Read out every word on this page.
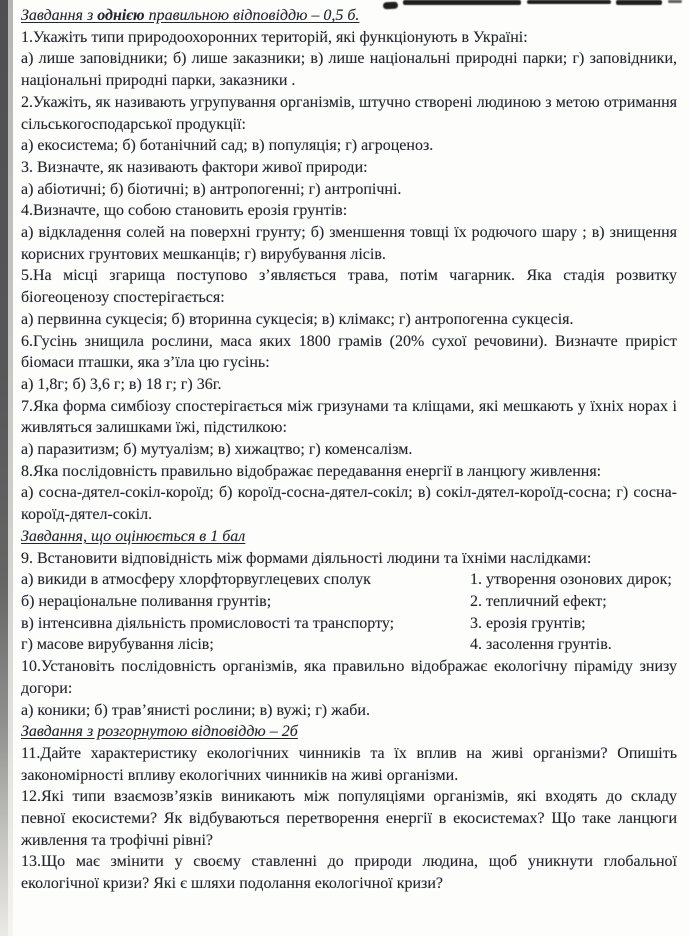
Завдання з однією правильною відповіддю – 0,5 б.

1.Укажіть типи природоохоронних територій, які функціонують в Україні:

а) лише заповідники; б) лише заказники; в) лише національні природні парки; г) заповідники, національні природні парки, заказники .

2.Укажіть, як називають угрупування організмів, штучно створені людиною з метою отримання сільськогосподарської продукції:

а) екосистема; б) ботанічний сад; в) популяція; г) агроценоз.

3. Визначте, як називають фактори живої природи:

а) абіотичні; б) біотичні; в) антропогенні; г) антропічні.

4.Визначте, що собою становить ерозія грунтів:

а) відкладення солей на поверхні грунту; б) зменшення товщі їх родючого шару ; в) знищення корисних грунтових мешканців; г) вирубування лісів.

5.На місці згарища поступово з’являється трава, потім чагарник. Яка стадія розвитку біогеоценозу спостерігається:

а) первинна сукцесія; б) вторинна сукцесія; в) клімакс; г) антропогенна сукцесія.

6.Гусінь знищила рослини, маса яких 1800 грамів (20% сухої речовини). Визначте приріст біомаси пташки, яка з’їла цю гусінь:

а) 1,8г; б) 3,6 г; в) 18 г; г) 36г.

7.Яка форма симбіозу спостерігається між гризунами та кліщами, які мешкають у їхніх норах і живляться залишками їжі, підстилкою:

а) паразитизм; б) мутуалізм; в) хижацтво; г) коменсалізм.

8.Яка послідовність правильно відображає передавання енергії в ланцюгу живлення:

а) сосна-дятел-сокіл-короїд; б) короїд-сосна-дятел-сокіл; в) сокіл-дятел-короїд-сосна; г) сосна-короїд-дятел-сокіл.

Завдання, що оцінюється в 1 бал

9. Встановити відповідність між формами діяльності людини та їхніми наслідками:

а) викиди в атмосферу хлорфторвуглецевих сполук	1. утворення озонових дирок;
б) нераціональне поливання грунтів;	2. тепличний ефект;
в) інтенсивна діяльність промисловості та транспорту;	3. ерозія грунтів;
г) масове вирубування лісів;	4. засолення грунтів.

10.Установіть послідовність організмів, яка правильно відображає екологічну піраміду знизу догори:

а) коники; б) трав’янисті рослини; в) вужі; г) жаби.

Завдання з розгорнутою відповіддю – 2б

11.Дайте характеристику екологічних чинників та їх вплив на живі організми? Опишіть закономірності впливу екологічних чинників на живі організми.

12.Які типи взаємозв’язків виникають між популяціями організмів, які входять до складу певної екосистеми? Як відбуваються перетворення енергії в екосистемах? Що таке ланцюги живлення та трофічні рівні?

13.Що має змінити у своєму ставленні до природи людина, щоб уникнути глобальної екологічної кризи? Які є шляхи подолання екологічної кризи?
